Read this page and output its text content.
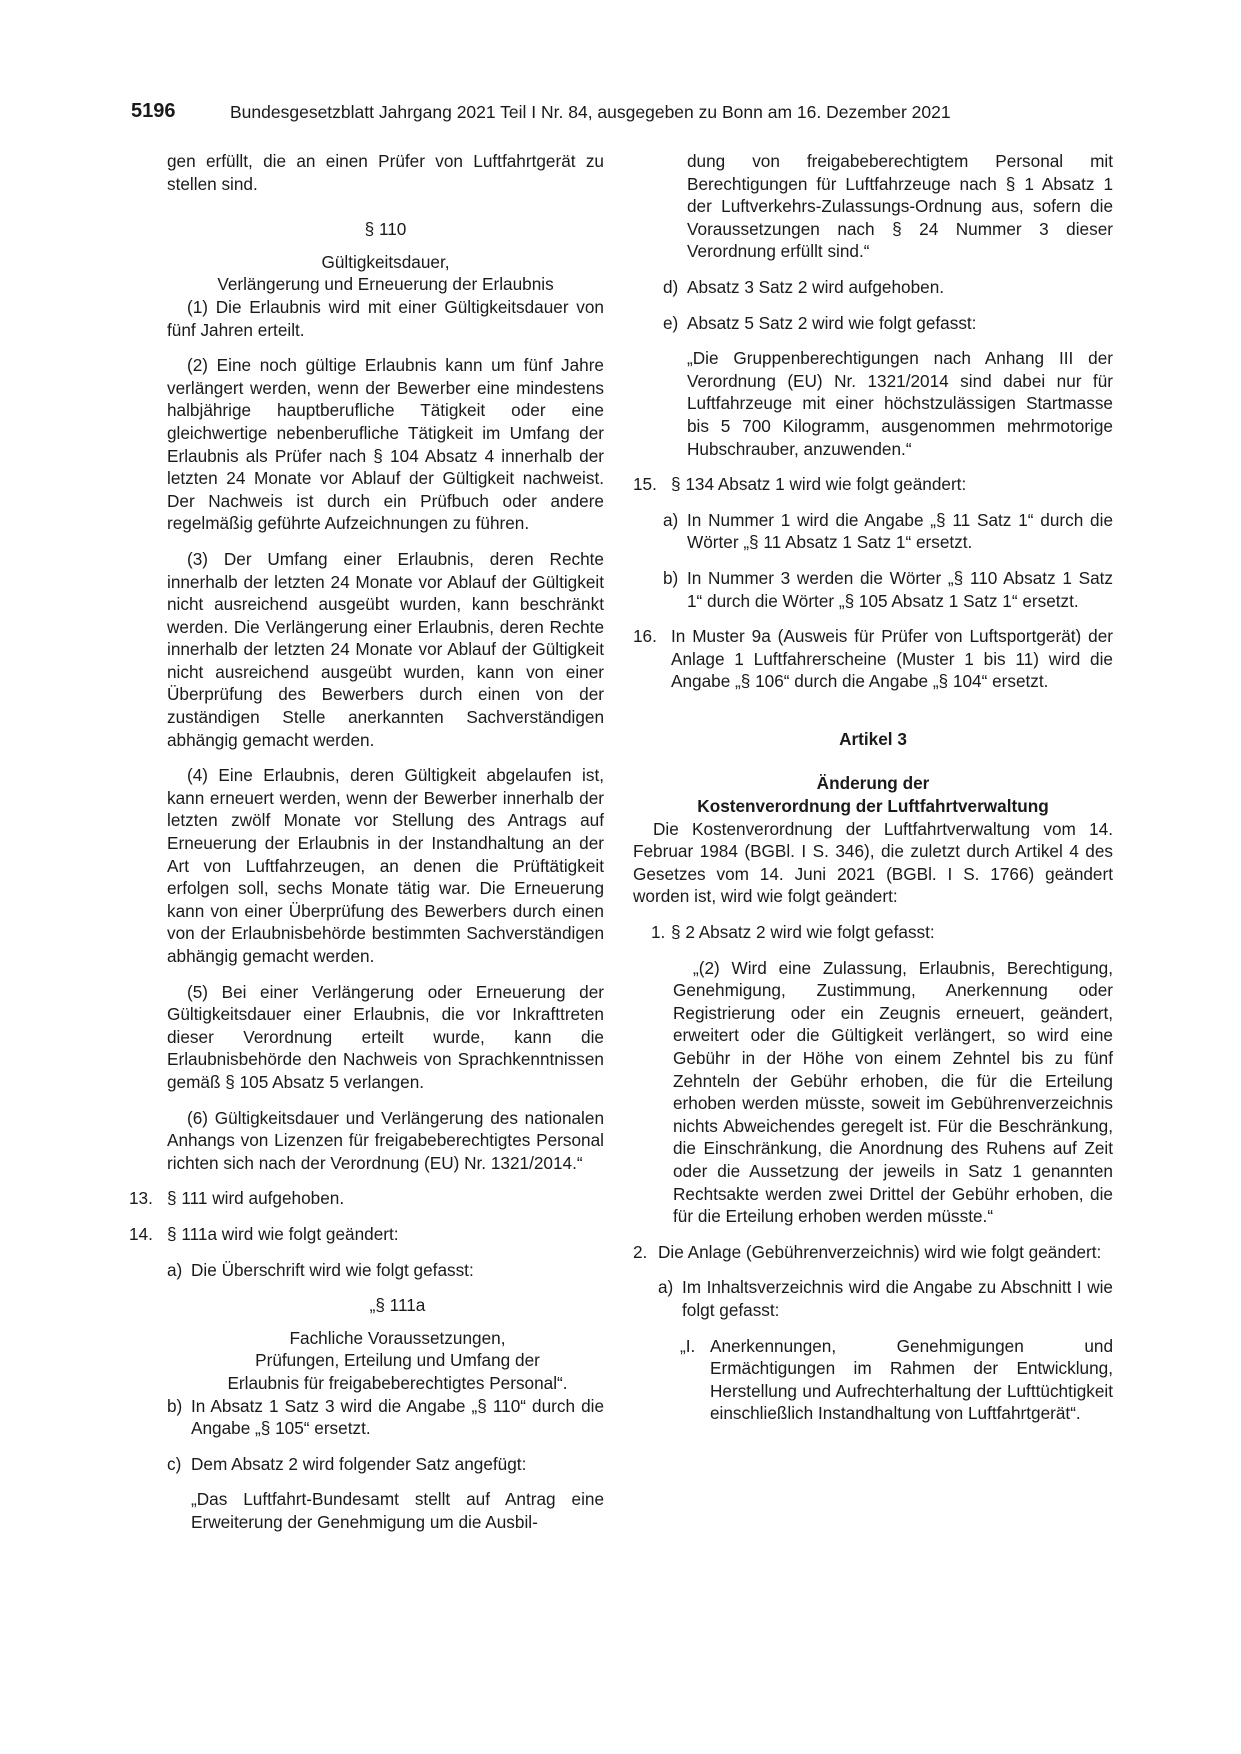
5196	Bundesgesetzblatt Jahrgang 2021 Teil I Nr. 84, ausgegeben zu Bonn am 16. Dezember 2021

gen erfüllt, die an einen Prüfer von Luftfahrtgerät zu stellen sind.

§ 110

Gültigkeitsdauer,

Verlängerung und Erneuerung der Erlaubnis

(1) Die Erlaubnis wird mit einer Gültigkeitsdauer von fünf Jahren erteilt.

(2) Eine noch gültige Erlaubnis kann um fünf Jahre verlängert werden, wenn der Bewerber eine mindestens halbjährige hauptberufliche Tätigkeit oder eine gleichwertige nebenberufliche Tätigkeit im Umfang der Erlaubnis als Prüfer nach § 104 Absatz 4 innerhalb der letzten 24 Monate vor Ablauf der Gültigkeit nachweist. Der Nachweis ist durch ein Prüfbuch oder andere regelmäßig geführte Aufzeichnungen zu führen.

(3) Der Umfang einer Erlaubnis, deren Rechte innerhalb der letzten 24 Monate vor Ablauf der Gültigkeit nicht ausreichend ausgeübt wurden, kann beschränkt werden. Die Verlängerung einer Erlaubnis, deren Rechte innerhalb der letzten 24 Monate vor Ablauf der Gültigkeit nicht ausreichend ausgeübt wurden, kann von einer Überprüfung des Bewerbers durch einen von der zuständigen Stelle anerkannten Sachverständigen abhängig gemacht werden.

(4) Eine Erlaubnis, deren Gültigkeit abgelaufen ist, kann erneuert werden, wenn der Bewerber innerhalb der letzten zwölf Monate vor Stellung des Antrags auf Erneuerung der Erlaubnis in der Instandhaltung an der Art von Luftfahrzeugen, an denen die Prüftätigkeit erfolgen soll, sechs Monate tätig war. Die Erneuerung kann von einer Überprüfung des Bewerbers durch einen von der Erlaubnisbehörde bestimmten Sachverständigen abhängig gemacht werden.

(5) Bei einer Verlängerung oder Erneuerung der Gültigkeitsdauer einer Erlaubnis, die vor Inkrafttreten dieser Verordnung erteilt wurde, kann die Erlaubnisbehörde den Nachweis von Sprachkenntnissen gemäß § 105 Absatz 5 verlangen.

(6) Gültigkeitsdauer und Verlängerung des nationalen Anhangs von Lizenzen für freigabeberechtigtes Personal richten sich nach der Verordnung (EU) Nr. 1321/2014.“

13. § 111 wird aufgehoben.
14. § 111a wird wie folgt geändert:
a) Die Überschrift wird wie folgt gefasst:

„§ 111a

Fachliche Voraussetzungen,

Prüfungen, Erteilung und Umfang der

Erlaubnis für freigabeberechtigtes Personal“.

b) In Absatz 1 Satz 3 wird die Angabe „§ 110“ durch die Angabe „§ 105“ ersetzt.
c) Dem Absatz 2 wird folgender Satz angefügt:

„Das Luftfahrt-Bundesamt stellt auf Antrag eine Erweiterung der Genehmigung um die Ausbil-

dung von freigabeberechtigtem Personal mit Berechtigungen für Luftfahrzeuge nach § 1 Absatz 1 der Luftverkehrs-Zulassungs-Ordnung aus, sofern die Voraussetzungen nach § 24 Nummer 3 dieser Verordnung erfüllt sind.“

d) Absatz 3 Satz 2 wird aufgehoben.
e) Absatz 5 Satz 2 wird wie folgt gefasst:

„Die Gruppenberechtigungen nach Anhang III der Verordnung (EU) Nr. 1321/2014 sind dabei nur für Luftfahrzeuge mit einer höchstzulässigen Startmasse bis 5 700 Kilogramm, ausgenommen mehrmotorige Hubschrauber, anzuwenden.“

15. § 134 Absatz 1 wird wie folgt geändert:
a) In Nummer 1 wird die Angabe „§ 11 Satz 1“ durch die Wörter „§ 11 Absatz 1 Satz 1“ ersetzt.
b) In Nummer 3 werden die Wörter „§ 110 Absatz 1 Satz 1“ durch die Wörter „§ 105 Absatz 1 Satz 1“ ersetzt.
16. In Muster 9a (Ausweis für Prüfer von Luftsportgerät) der Anlage 1 Luftfahrerscheine (Muster 1 bis 11) wird die Angabe „§ 106“ durch die Angabe „§ 104“ ersetzt.

Artikel 3

Änderung der

Kostenverordnung der Luftfahrtverwaltung

Die Kostenverordnung der Luftfahrtverwaltung vom 14. Februar 1984 (BGBl. I S. 346), die zuletzt durch Artikel 4 des Gesetzes vom 14. Juni 2021 (BGBl. I S. 1766) geändert worden ist, wird wie folgt geändert:

1. § 2 Absatz 2 wird wie folgt gefasst:

„(2) Wird eine Zulassung, Erlaubnis, Berechtigung, Genehmigung, Zustimmung, Anerkennung oder Registrierung oder ein Zeugnis erneuert, geändert, erweitert oder die Gültigkeit verlängert, so wird eine Gebühr in der Höhe von einem Zehntel bis zu fünf Zehnteln der Gebühr erhoben, die für die Erteilung erhoben werden müsste, soweit im Gebührenverzeichnis nichts Abweichendes geregelt ist. Für die Beschränkung, die Einschränkung, die Anordnung des Ruhens auf Zeit oder die Aussetzung der jeweils in Satz 1 genannten Rechtsakte werden zwei Drittel der Gebühr erhoben, die für die Erteilung erhoben werden müsste.“

2. Die Anlage (Gebührenverzeichnis) wird wie folgt geändert:
a) Im Inhaltsverzeichnis wird die Angabe zu Abschnitt I wie folgt gefasst:
„I. Anerkennungen, Genehmigungen und Ermächtigungen im Rahmen der Entwicklung, Herstellung und Aufrechterhaltung der Lufttüchtigkeit einschließlich Instandhaltung von Luftfahrtgerät“.
